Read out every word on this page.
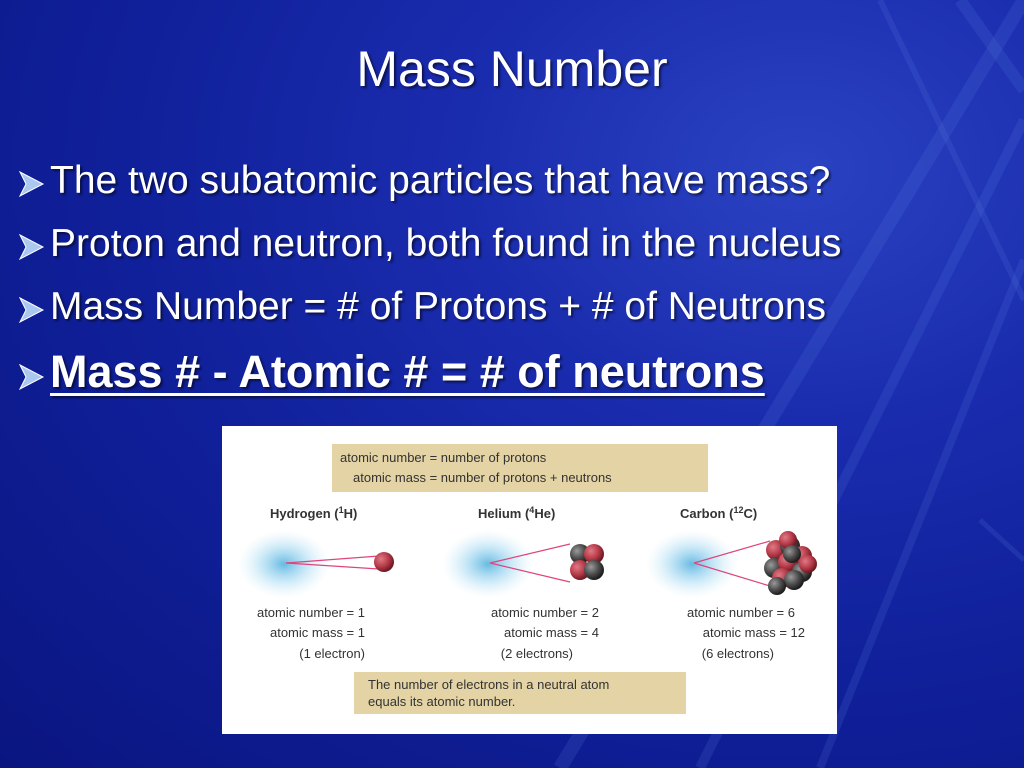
Mass Number
The two subatomic particles that have mass?
Proton and neutron, both found in the nucleus
Mass Number = # of Protons + # of Neutrons
Mass # - Atomic # = # of neutrons
atomic number = number of protons
atomic mass = number of protons + neutrons
Hydrogen ($^1$H)	Helium ($^4$He)	Carbon ($^{12}$C)
atomic number = 1
atomic mass = 1
(1 electron)
atomic number = 2
atomic mass = 4
(2 electrons)
atomic number = 6
atomic mass = 12
(6 electrons)
The number of electrons in a neutral atom
equals its atomic number.
